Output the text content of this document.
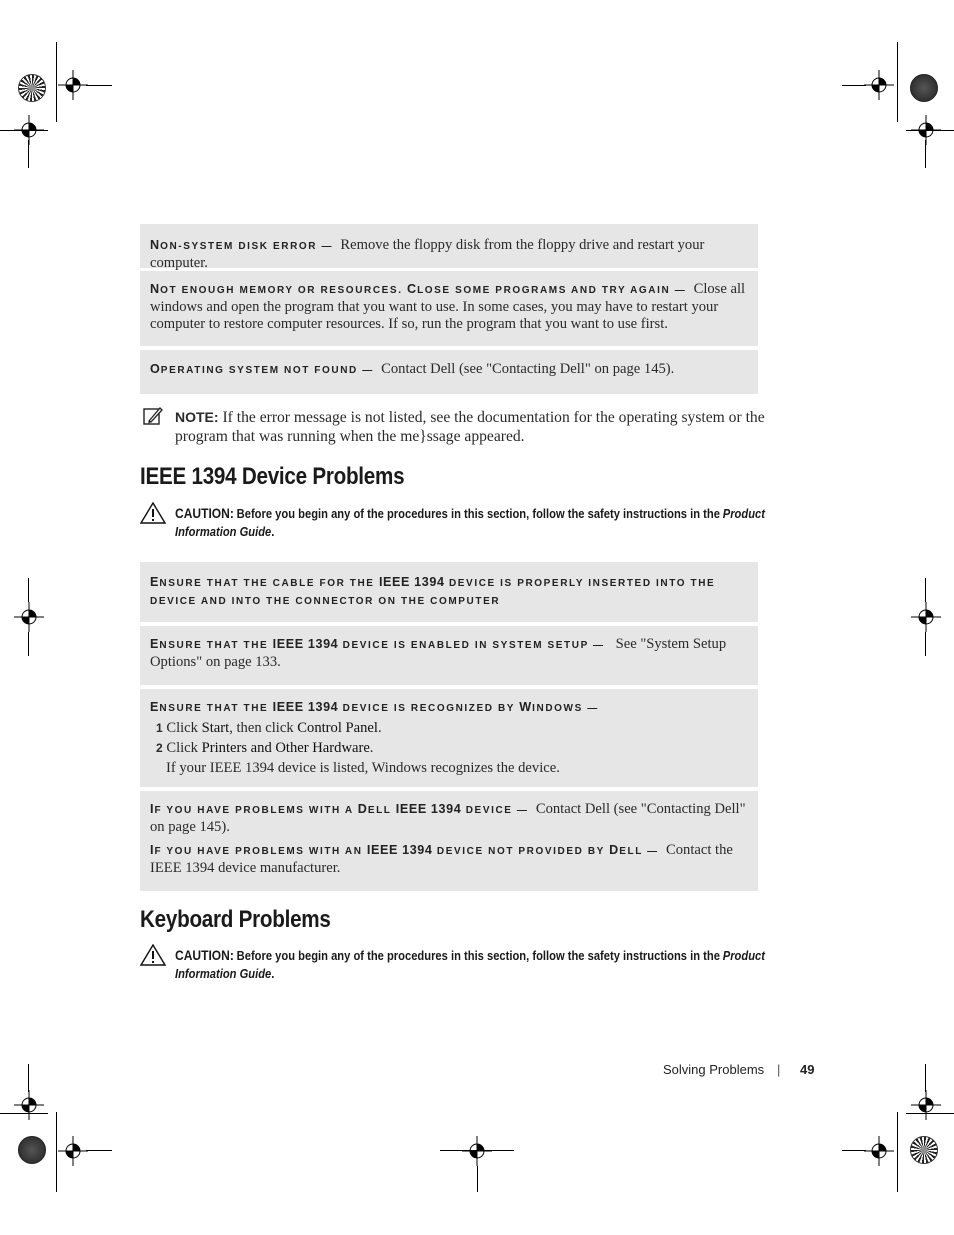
NON-SYSTEM DISK ERROR — Remove the floppy disk from the floppy drive and restart your computer.
NOT ENOUGH MEMORY OR RESOURCES. CLOSE SOME PROGRAMS AND TRY AGAIN — Close all windows and open the program that you want to use. In some cases, you may have to restart your computer to restore computer resources. If so, run the program that you want to use first.
OPERATING SYSTEM NOT FOUND — Contact Dell (see "Contacting Dell" on page 145).
NOTE: If the error message is not listed, see the documentation for the operating system or the program that was running when the me}ssage appeared.
IEEE 1394 Device Problems
CAUTION: Before you begin any of the procedures in this section, follow the safety instructions in the Product Information Guide.
ENSURE THAT THE CABLE FOR THE IEEE 1394 DEVICE IS PROPERLY INSERTED INTO THE DEVICE AND INTO THE CONNECTOR ON THE COMPUTER
ENSURE THAT THE IEEE 1394 DEVICE IS ENABLED IN SYSTEM SETUP — See "System Setup Options" on page 133.
ENSURE THAT THE IEEE 1394 DEVICE IS RECOGNIZED BY WINDOWS —
1 Click Start, then click Control Panel.
2 Click Printers and Other Hardware.
If your IEEE 1394 device is listed, Windows recognizes the device.
IF YOU HAVE PROBLEMS WITH A DELL IEEE 1394 DEVICE — Contact Dell (see "Contacting Dell" on page 145).
IF YOU HAVE PROBLEMS WITH AN IEEE 1394 DEVICE NOT PROVIDED BY DELL — Contact the IEEE 1394 device manufacturer.
Keyboard Problems
CAUTION: Before you begin any of the procedures in this section, follow the safety instructions in the Product Information Guide.
Solving Problems | 49
